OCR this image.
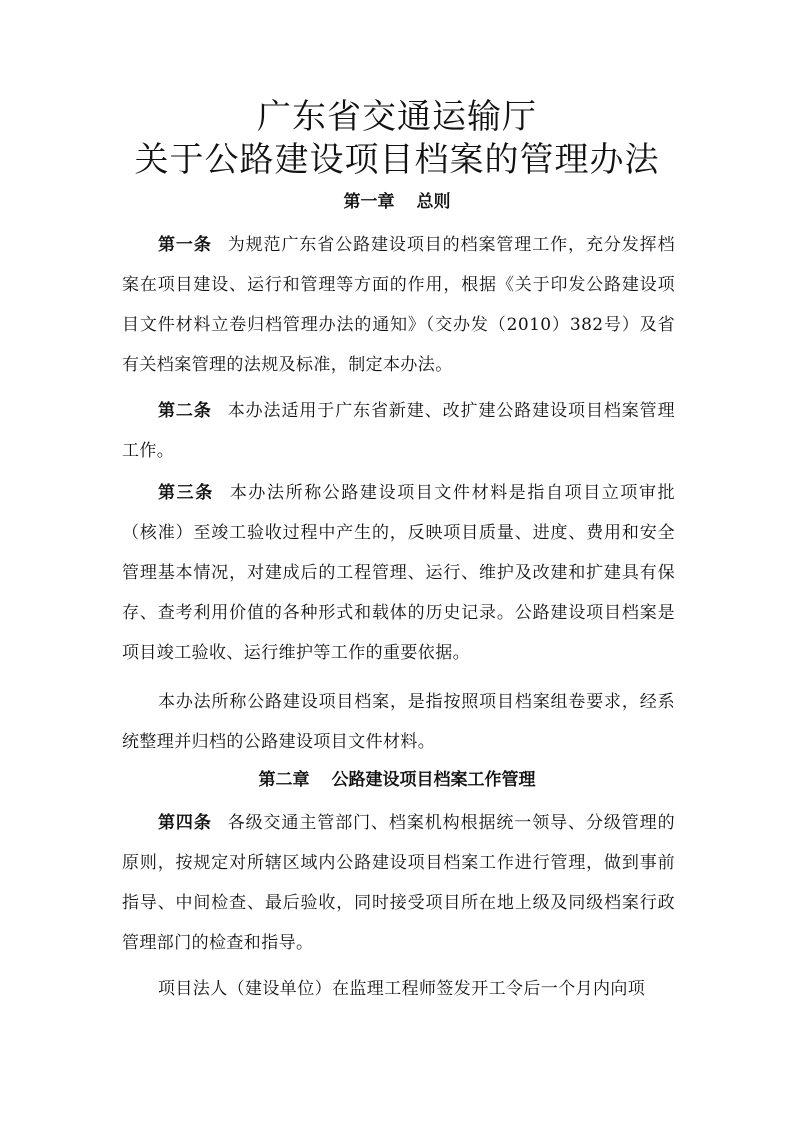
广东省交通运输厅
关于公路建设项目档案的管理办法
第一章 总则
第一条 为规范广东省公路建设项目的档案管理工作，充分发挥档案在项目建设、运行和管理等方面的作用，根据《关于印发公路建设项目文件材料立卷归档管理办法的通知》（交办发（2010）382号）及省有关档案管理的法规及标准，制定本办法。
第二条 本办法适用于广东省新建、改扩建公路建设项目档案管理工作。
第三条 本办法所称公路建设项目文件材料是指自项目立项审批（核准）至竣工验收过程中产生的，反映项目质量、进度、费用和安全管理基本情况，对建成后的工程管理、运行、维护及改建和扩建具有保存、查考利用价值的各种形式和载体的历史记录。公路建设项目档案是项目竣工验收、运行维护等工作的重要依据。
本办法所称公路建设项目档案，是指按照项目档案组卷要求，经系统整理并归档的公路建设项目文件材料。
第二章 公路建设项目档案工作管理
第四条 各级交通主管部门、档案机构根据统一领导、分级管理的原则，按规定对所辖区域内公路建设项目档案工作进行管理，做到事前指导、中间检查、最后验收，同时接受项目所在地上级及同级档案行政管理部门的检查和指导。
项目法人（建设单位）在监理工程师签发开工令后一个月内向项
